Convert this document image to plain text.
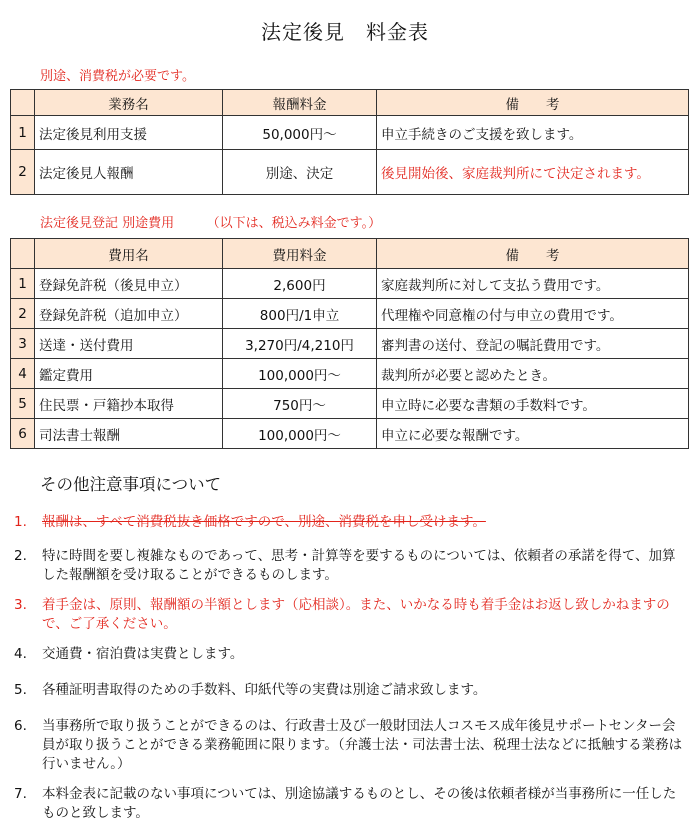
法定後見　料金表
別途、消費税が必要です。
	業務名	報酬料金	備　　考
1	法定後見利用支援	50,000円～	申立手続きのご支援を致します。
2	法定後見人報酬	別途、決定	後見開始後、家庭裁判所にて決定されます。
法定後見登記 別途費用　　　（以下は、税込み料金です。）
	費用名	費用料金	備　　考
1	登録免許税（後見申立）	2,600円	家庭裁判所に対して支払う費用です。
2	登録免許税（追加申立）	800円/1申立	代理権や同意権の付与申立の費用です。
3	送達・送付費用	3,270円/4,210円	審判書の送付、登記の嘱託費用です。
4	鑑定費用	100,000円～	裁判所が必要と認めたとき。
5	住民票・戸籍抄本取得	750円～	申立時に必要な書類の手数料です。
6	司法書士報酬	100,000円～	申立に必要な報酬です。
その他注意事項について
1.	報酬は、すべて消費税抜き価格ですので、別途、消費税を申し受けます。
2.	特に時間を要し複雑なものであって、思考・計算等を要するものについては、依頼者の承諾を得て、加算した報酬額を受け取ることができるものします。
3.	着手金は、原則、報酬額の半額とします（応相談）。また、いかなる時も着手金はお返し致しかねますので、ご了承ください。
4.	交通費・宿泊費は実費とします。
5.	各種証明書取得のための手数料、印紙代等の実費は別途ご請求致します。
6.	当事務所で取り扱うことができるのは、行政書士及び一般財団法人コスモス成年後見サポートセンター会員が取り扱うことができる業務範囲に限ります。（弁護士法・司法書士法、税理士法などに抵触する業務は行いません。）
7.	本料金表に記載のない事項については、別途協議するものとし、その後は依頼者様が当事務所に一任したものと致します。
